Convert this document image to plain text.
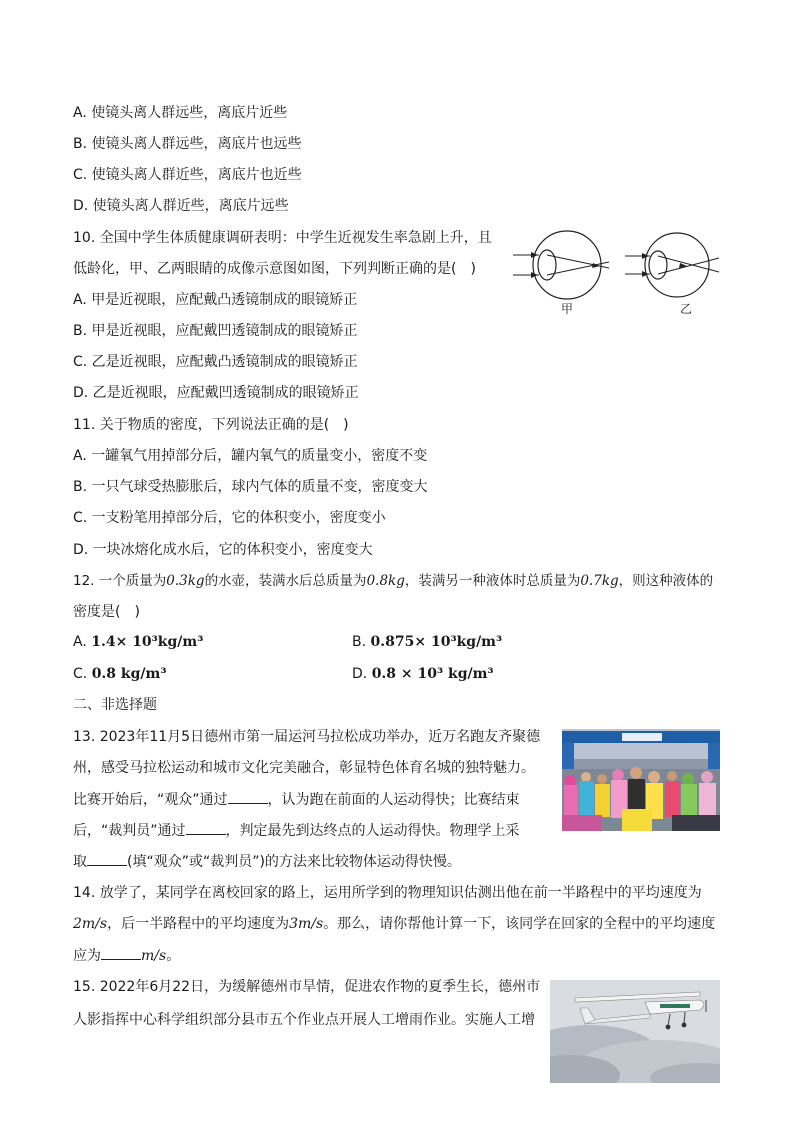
A. 使镜头离人群远些，离底片近些
B. 使镜头离人群远些，离底片也远些
C. 使镜头离人群近些，离底片也近些
D. 使镜头离人群近些，离底片远些
10. 全国中学生体质健康调研表明：中学生近视发生率急剧上升，且
低龄化，甲、乙两眼睛的成像示意图如图，下列判断正确的是(　)
A. 甲是近视眼，应配戴凸透镜制成的眼镜矫正
B. 甲是近视眼，应配戴凹透镜制成的眼镜矫正
C. 乙是近视眼，应配戴凸透镜制成的眼镜矫正
D. 乙是近视眼，应配戴凹透镜制成的眼镜矫正
甲	乙
11. 关于物质的密度，下列说法正确的是(　)
A. 一罐氧气用掉部分后，罐内氧气的质量变小，密度不变
B. 一只气球受热膨胀后，球内气体的质量不变，密度变大
C. 一支粉笔用掉部分后，它的体积变小，密度变小
D. 一块冰熔化成水后，它的体积变小，密度变大
12. 一个质量为0.3kg的水壶，装满水后总质量为0.8kg，装满另一种液体时总质量为0.7kg，则这种液体的
密度是(　)
A. 1.4× 10³kg/m³	B. 0.875× 10³kg/m³
C. 0.8 kg/m³	D. 0.8 × 10³ kg/m³
二、非选择题
13. 2023年11月5日德州市第一届运河马拉松成功举办，近万名跑友齐聚德
州，感受马拉松运动和城市文化完美融合，彰显特色体育名城的独特魅力。
比赛开始后，“观众”通过	，认为跑在前面的人运动得快；比赛结束
后，“裁判员”通过	，判定最先到达终点的人运动得快。物理学上采
取	(填“观众”或“裁判员”)的方法来比较物体运动得快慢。
14. 放学了，某同学在离校回家的路上，运用所学到的物理知识估测出他在前一半路程中的平均速度为
2m/s，后一半路程中的平均速度为3m/s。那么，请你帮他计算一下，该同学在回家的全程中的平均速度
应为	m/s。
15. 2022年6月22日，为缓解德州市旱情，促进农作物的夏季生长，德州市
人影指挥中心科学组织部分县市五个作业点开展人工增雨作业。实施人工增
